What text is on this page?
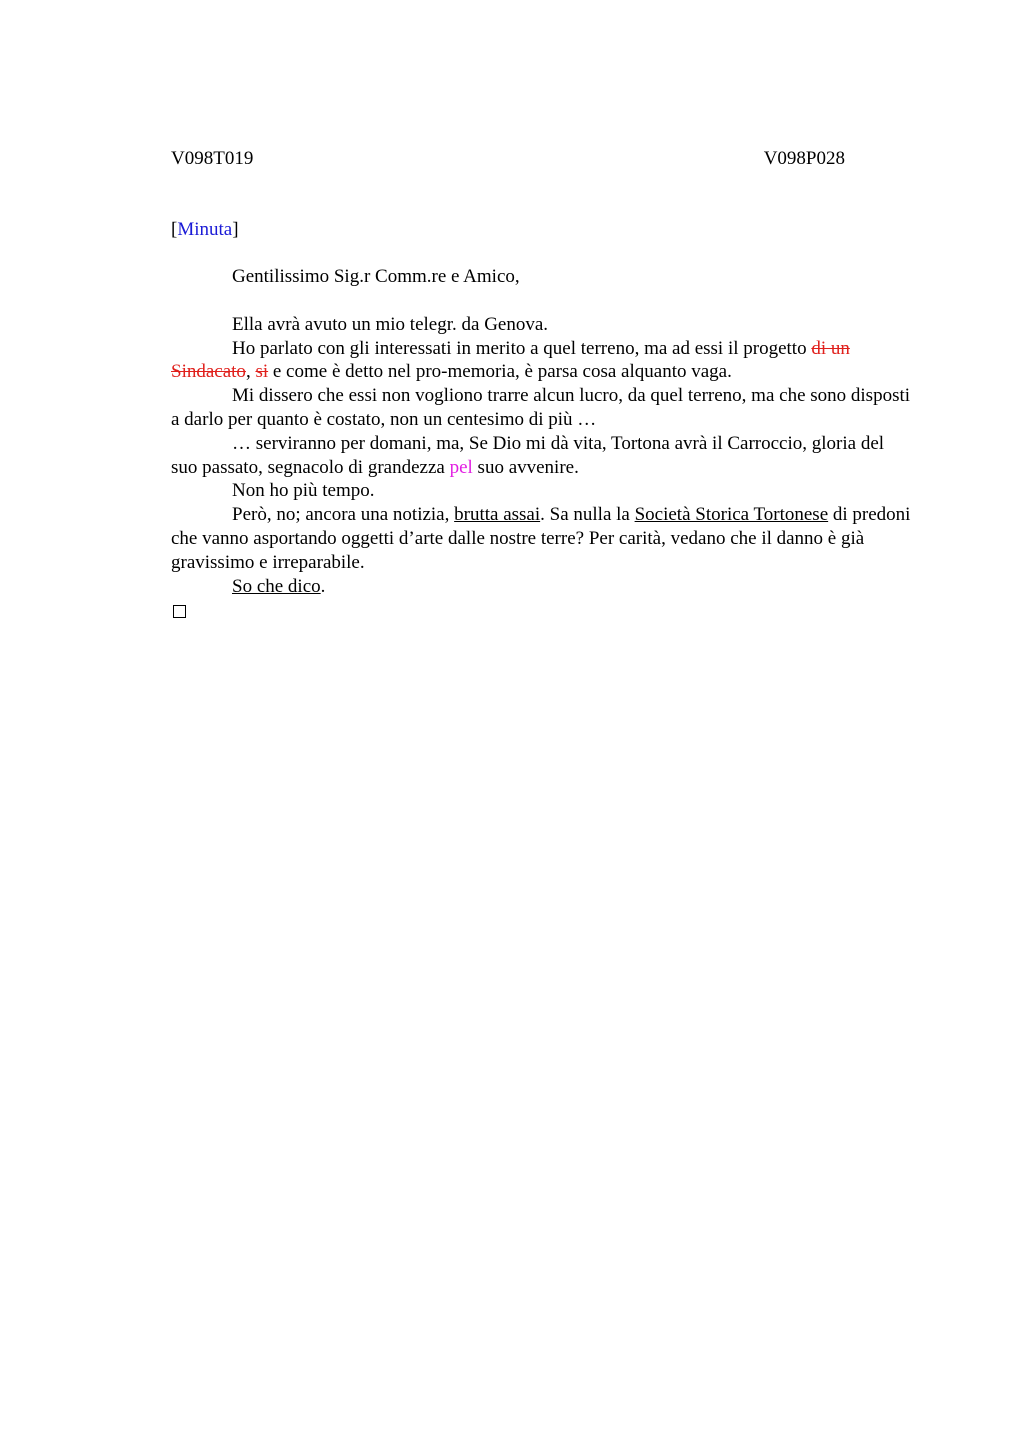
V098T019	V098P028
[Minuta]

Gentilissimo Sig.r Comm.re e Amico,

Ella avrà avuto un mio telegr. da Genova.

Ho parlato con gli interessati in merito a quel terreno, ma ad essi il progetto di un Sindacato, si e come è detto nel pro-memoria, è parsa cosa alquanto vaga.

Mi dissero che essi non vogliono trarre alcun lucro, da quel terreno, ma che sono disposti a darlo per quanto è costato, non un centesimo di più …

… serviranno per domani, ma, Se Dio mi dà vita, Tortona avrà il Carroccio, gloria del suo passato, segnacolo di grandezza pel suo avvenire.

Non ho più tempo.

Però, no; ancora una notizia, brutta assai. Sa nulla la Società Storica Tortonese di predoni che vanno asportando oggetti d’arte dalle nostre terre? Per carità, vedano che il danno è già gravissimo e irreparabile.

So che dico.
